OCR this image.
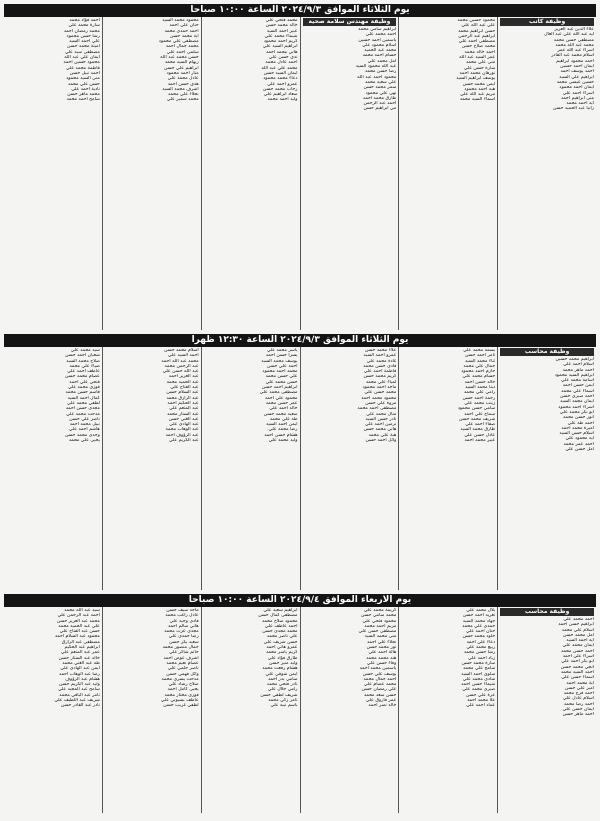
يوم الثلاثاء الموافق ٢٠٢٤/٩/٣ الساعة ١٠:٠٠ صباحا
وظيفة كاتب
علاء الدين عبد العزيز
ايه عبد الله علي عبد العال
مصطفى حسن محمد
محمد عبد الله محمد
اسراء عبد الله عمر
اسلام محمد عبد القادر
احمد محمود ابراهيم
ايمان احمد حسين
احمد يوسف احمد
ابراهيم علي السيد
حسين عيسى محمد
ايمان احمد محمود
اسراء احمد علي
منى ابراهيم احمد
ايه احمد محمد
رانيا عبد الحميد حسن
محمود حسين محمد
علي عبد الله علي
حسن ابراهيم محمد
ابراهيم عبد الرحمن
مصطفى احمد علي
محمد صلاح حسن
احمد خالد محمد
عمر السيد عبد الله
منى علي محمد
سارة حسن علي
نورهان محمد احمد
يوسف ابراهيم السيد
ايمن محمد حسن
هبه احمد محمود
مريم عبد الله علي
اسماء السيد محمد
وظيفة مهندس سلامة صحية
ابراهيم سامي محمد
احمد محمد علي
ياسمين احمد حسين
اسلام محمود علي
محمد عبد الحميد
حسام احمد محمد
امل محمد علي
عبد الله محمود السيد
رضا حسن محمد
محمود احمد عبد الله
علي سعيد محمد
سمر محمد حسن
نهى علي محمود
طارق محمد احمد
احمد عبد الرحمن
مي ابراهيم حسن
محمد فتحي علي
خالد محمد حسن
عبير احمد السيد
شيماء محمد علي
كريم احمد محمود
ابراهيم السيد علي
هاني محمد احمد
ندى حسن علي
احمد عادل محمد
محمد علي عبد الله
ايمان السيد حسن
دعاء محمد محمود
عمرو احمد علي
رحاب محمد حسن
سعاد ابراهيم علي
وليد احمد محمد
محمود محمد السيد
حنان علي احمد
احمد حمدي محمد
اية محمد حسن
مصطفى علي محمود
محمد جمال احمد
سلمى احمد علي
حسن محمد عبد الله
ريهام السيد محمد
ابراهيم علي حسن
منار احمد محمود
عادل محمد علي
هدى حسن احمد
اشرف محمد السيد
نجلاء علي محمد
محمد سمير علي
احمد فؤاد محمد
سارة محمد علي
محمد رمضان احمد
رشا حسن محمود
علي احمد السيد
امينة محمد حسن
مصطفى سيد علي
ايمان علي عبد الله
محمود حسين احمد
فاطمة محمد علي
احمد نبيل حسن
منى السيد محمود
حسن علي محمد
نادية احمد علي
محمد ماهر حسن
سامح احمد محمد
يوم الثلاثاء الموافق ٢٠٢٤/٩/٣ الساعة ١٢:٣٠ ظهرا
وظيفة محاسب
ابراهيم محمد حسين
اسلام احمد علي
احمد ماهر محمد
ابراهيم السيد محمود
اسامة محمد علي
ايمن حسن احمد
اسماء علي محمد
احمد صبري حسن
ايمان محمد السيد
اسراء احمد محمود
ابو بكر محمد علي
انور حسن محمد
احمد طه علي
اميرة محمد احمد
اسلام حسن السيد
ايه محمود علي
احمد عمر محمد
امل حسن علي
بسمة محمد علي
تامر احمد حسن
ثناء محمد السيد
جمال علي محمد
حازم احمد محمود
حسام محمد علي
خالد حسن احمد
دينا محمد السيد
رامي علي محمد
رحمة احمد حسن
زينب محمد علي
سامي حسن محمود
سماح علي احمد
شريف محمد حسن
صفاء احمد علي
طارق محمد السيد
عادل حسن علي
عبير محمد احمد
علاء محمد حسن
عمرو احمد السيد
غادة محمد علي
فادي حسن محمد
فاطمة احمد علي
كريم محمد حسن
لمياء علي محمد
ماجد احمد محمود
محمد حسن علي
محمود محمد احمد
مروة علي حسن
مصطفى احمد محمد
منال محمد علي
نادر حسن السيد
نرمين احمد علي
هاني محمد حسن
هبة علي محمد
وائل احمد حسن
ياسر محمد علي
يسرا حسن احمد
يوسف محمد السيد
احمد علي حسن
محمد احمد محمود
علي حسن محمد
حسن محمد علي
ابراهيم احمد حسن
مصطفى محمد علي
محمود علي احمد
عمر حسن محمد
خالد احمد علي
سعيد محمد حسن
طه علي محمد
ايمن احمد السيد
رضا محمد علي
هشام حسن احمد
وليد محمد علي
اسلام محمد حسن
احمد السيد علي
محمد عبد الله احمد
عبد الرحمن محمد
عبد الله حسن علي
عبد العزيز احمد
عبد الحميد محمد
عبد الفتاح علي
عبد السلام حسن
عبد الرازق محمد
عبد الحكيم احمد
عبد المنعم علي
عبد الستار محمد
عبد الغني حسن
عبد الهادي علي
عبد الوهاب محمد
عبد الرؤوف احمد
عبد الكريم علي
سيد محمد علي
شعبان احمد حسن
صلاح محمد السيد
ضياء علي محمد
عاطف احمد علي
عصام محمد حسن
فتحي علي احمد
فوزي محمد علي
قاسم حسن محمد
كمال احمد السيد
لطفي محمد علي
مجدي حسن احمد
مدحت محمد علي
ناصر علي حسن
نبيل محمد احمد
هاشم احمد علي
وجدي محمد حسن
يحيى علي محمد
يوم الاربعاء الموافق ٢٠٢٤/٩/٤ الساعة ١٠:٠٠ صباحا
وظيفة محاسب
احمد محمد علي
ابراهيم حسن احمد
اسلام علي محمد
امل محمد حسن
ايه احمد السيد
ايمان محمد علي
احمد حسن محمد
اسراء علي احمد
ابو بكر احمد علي
انجي محمد حسن
احمد السيد محمد
اسماء حسن علي
اية محمد احمد
امير علي حسن
احمد فرج محمد
اسلام عادل علي
احمد رضا محمد
ايمان حسن علي
احمد ماهر حسن
بلال محمد علي
تغريد احمد حسن
جهاد محمد السيد
حمدي علي محمد
حنان احمد علي
خلود محمد حسن
دعاء علي احمد
ربيع محمد علي
رشا حسن محمد
زياد احمد علي
سارة محمد حسن
سامح علي محمد
سلوى احمد السيد
شادي محمد علي
شيماء حسن احمد
صبري محمد علي
عزة علي حسن
علا محمد احمد
عماد احمد علي
كريمة محمد علي
محمد سامي حسن
محمود فتحي علي
مريم احمد محمد
مصطفى حسن علي
منى محمد السيد
نجلاء علي احمد
نور محمد حسن
هالة احمد علي
هند محمد محمد
وفاء حسن علي
ياسمين محمد احمد
يوسف علي حسن
احمد جمال محمد
محمد عصام علي
علي رمضان حسن
حسن سعد محمد
عمر فاروق علي
خالد نصر احمد
ابراهيم سعيد علي
مصطفى كمال حسن
محمود صلاح محمد
احمد عاطف علي
محمد مجدي حسن
علي ناصر محمد
حسن شريف علي
عمرو هاني احمد
كريم ياسر محمد
طارق فؤاد علي
وليد منير حسن
هشام رفعت محمد
ايمن شوقي علي
سامي بدر احمد
نادر فتحي محمد
رامي جلال علي
شريف لطفي حسن
تامر زكي محمد
باسم نبيه علي
ماجد سيف حسن
عادل راغب محمد
فادي وجيه علي
هاني سالم احمد
مجدي عزت محمد
رضا حمدي علي
سعيد بكر حسن
جمال منصور محمد
حاتم شاكر علي
اشرف عوض احمد
عصام نعيم محمد
ناصر حلمي علي
وائل فهمي حسن
مدحت يسري محمد
صلاح رشاد علي
يحيى كامل احمد
فوزي مختار محمد
عاطف بسيوني علي
لطفي غريب حسن
سيد عبد الله محمد
احمد عبد الرحمن علي
محمد عبد العزيز حسن
علي عبد الحميد محمد
حسن عبد الفتاح علي
محمود عبد السلام احمد
مصطفى عبد الرازق
ابراهيم عبد الحكيم
عمر عبد المنعم علي
خالد عبد الستار حسن
طه عبد الغني محمد
ايمن عبد الهادي علي
رضا عبد الوهاب احمد
هشام عبد الرؤوف
وليد عبد الكريم حسن
سامح عبد المجيد علي
تامر عبد الباقي محمد
شريف عبد اللطيف علي
نادر عبد القادر حسن
